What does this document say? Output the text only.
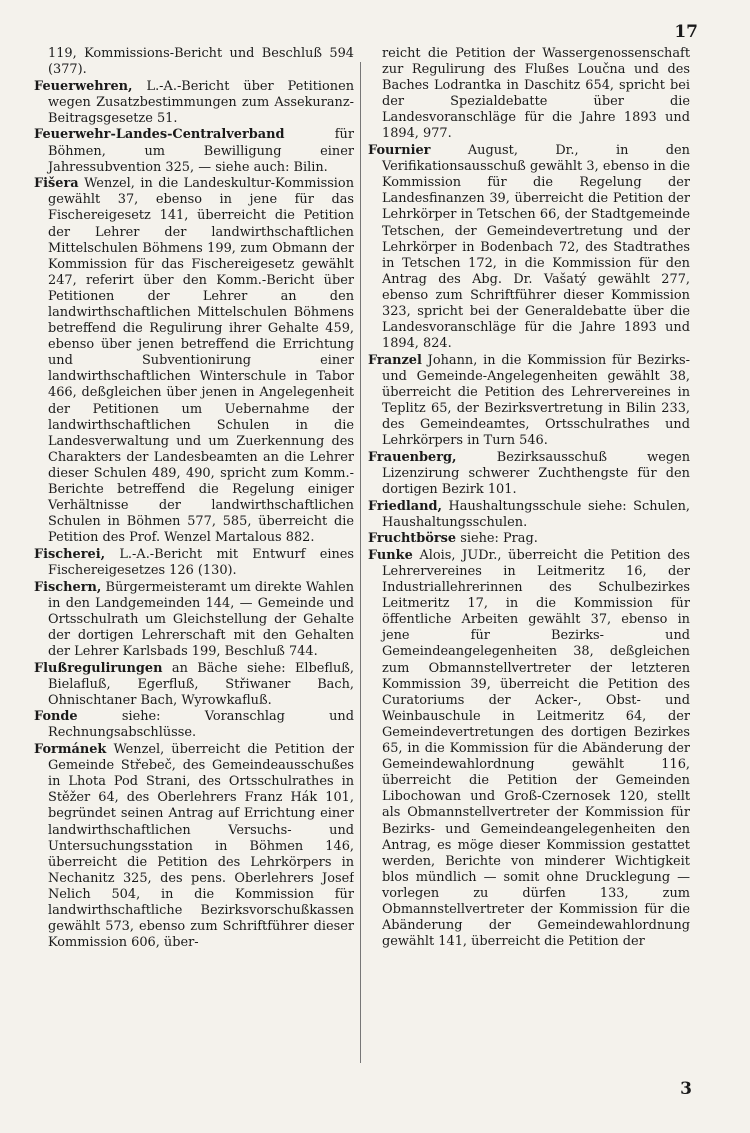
17

119, Kommissions-Bericht und Beschluß 594 (377).

Feuerwehren, L.-A.-Bericht über Petitionen wegen Zusatzbestimmungen zum Assekuranz-Beitragsgesetze 51.

Feuerwehr-Landes-Centralverband für Böhmen, um Bewilligung einer Jahressubvention 325, — siehe auch: Bilin.

Fišera Wenzel, in die Landeskultur-Kommission gewählt 37, ebenso in jene für das Fischereigesetz 141, überreicht die Petition der Lehrer der landwirthschaftlichen Mittelschulen Böhmens 199, zum Obmann der Kommission für das Fischereigesetz gewählt 247, referirt über den Komm.-Bericht über Petitionen der Lehrer an den landwirthschaftlichen Mittelschulen Böhmens betreffend die Regulirung ihrer Gehalte 459, ebenso über jenen betreffend die Errichtung und Subventionirung einer landwirthschaftlichen Winterschule in Tabor 466, deßgleichen über jenen in Angelegenheit der Petitionen um Uebernahme der landwirthschaftlichen Schulen in die Landesverwaltung und um Zuerkennung des Charakters der Landesbeamten an die Lehrer dieser Schulen 489, 490, spricht zum Komm.-Berichte betreffend die Regelung einiger Verhältnisse der landwirthschaftlichen Schulen in Böhmen 577, 585, überreicht die Petition des Prof. Wenzel Martalous 882.

Fischerei, L.-A.-Bericht mit Entwurf eines Fischereigesetzes 126 (130).

Fischern, Bürgermeisteramt um direkte Wahlen in den Landgemeinden 144, — Gemeinde und Ortsschulrath um Gleichstellung der Gehalte der dortigen Lehrerschaft mit den Gehalten der Lehrer Karlsbads 199, Beschluß 744.

Flußregulirungen an Bäche siehe: Elbefluß, Bielafluß, Egerfluß, Střiwaner Bach, Ohnischtaner Bach, Wyrowkafluß.

Fonde siehe: Voranschlag und Rechnungsabschlüsse.

Formánek Wenzel, überreicht die Petition der Gemeinde Střebeč, des Gemeindeausschußes in Lhota Pod Strani, des Ortsschulrathes in Stěžer 64, des Oberlehrers Franz Hák 101, begründet seinen Antrag auf Errichtung einer landwirthschaftlichen Versuchs- und Untersuchungsstation in Böhmen 146, überreicht die Petition des Lehrkörpers in Nechanitz 325, des pens. Oberlehrers Josef Nelich 504, in die Kommission für landwirthschaftliche Bezirksvorschußkassen gewählt 573, ebenso zum Schriftführer dieser Kommission 606, über-

reicht die Petition der Wassergenossenschaft zur Regulirung des Flußes Loučna und des Baches Lodrantka in Daschitz 654, spricht bei der Spezialdebatte über die Landesvoranschläge für die Jahre 1893 und 1894, 977.

Fournier August, Dr., in den Verifikationsausschuß gewählt 3, ebenso in die Kommission für die Regelung der Landesfinanzen 39, überreicht die Petition der Lehrkörper in Tetschen 66, der Stadtgemeinde Tetschen, der Gemeindevertretung und der Lehrkörper in Bodenbach 72, des Stadtrathes in Tetschen 172, in die Kommission für den Antrag des Abg. Dr. Vašatý gewählt 277, ebenso zum Schriftführer dieser Kommission 323, spricht bei der Generaldebatte über die Landesvoranschläge für die Jahre 1893 und 1894, 824.

Franzel Johann, in die Kommission für Bezirks- und Gemeinde-Angelegenheiten gewählt 38, überreicht die Petition des Lehrervereines in Teplitz 65, der Bezirksvertretung in Bilin 233, des Gemeindeamtes, Ortsschulrathes und Lehrkörpers in Turn 546.

Frauenberg, Bezirksausschuß wegen Lizenzirung schwerer Zuchthengste für den dortigen Bezirk 101.

Friedland, Haushaltungsschule siehe: Schulen, Haushaltungsschulen.

Fruchtbörse siehe: Prag.

Funke Alois, JUDr., überreicht die Petition des Lehrervereines in Leitmeritz 16, der Industriallehrerinnen des Schulbezirkes Leitmeritz 17, in die Kommission für öffentliche Arbeiten gewählt 37, ebenso in jene für Bezirks- und Gemeindeangelegenheiten 38, deßgleichen zum Obmannstellvertreter der letzteren Kommission 39, überreicht die Petition des Curatoriums der Acker-, Obst- und Weinbauschule in Leitmeritz 64, der Gemeindevertretungen des dortigen Bezirkes 65, in die Kommission für die Abänderung der Gemeindewahlordnung gewählt 116, überreicht die Petition der Gemeinden Libochowan und Groß-Czernosek 120, stellt als Obmannstellvertreter der Kommission für Bezirks- und Gemeindeangelegenheiten den Antrag, es möge dieser Kommission gestattet werden, Berichte von minderer Wichtigkeit blos mündlich — somit ohne Drucklegung — vorlegen zu dürfen 133, zum Obmannstellvertreter der Kommission für die Abänderung der Gemeindewahlordnung gewählt 141, überreicht die Petition der

3
